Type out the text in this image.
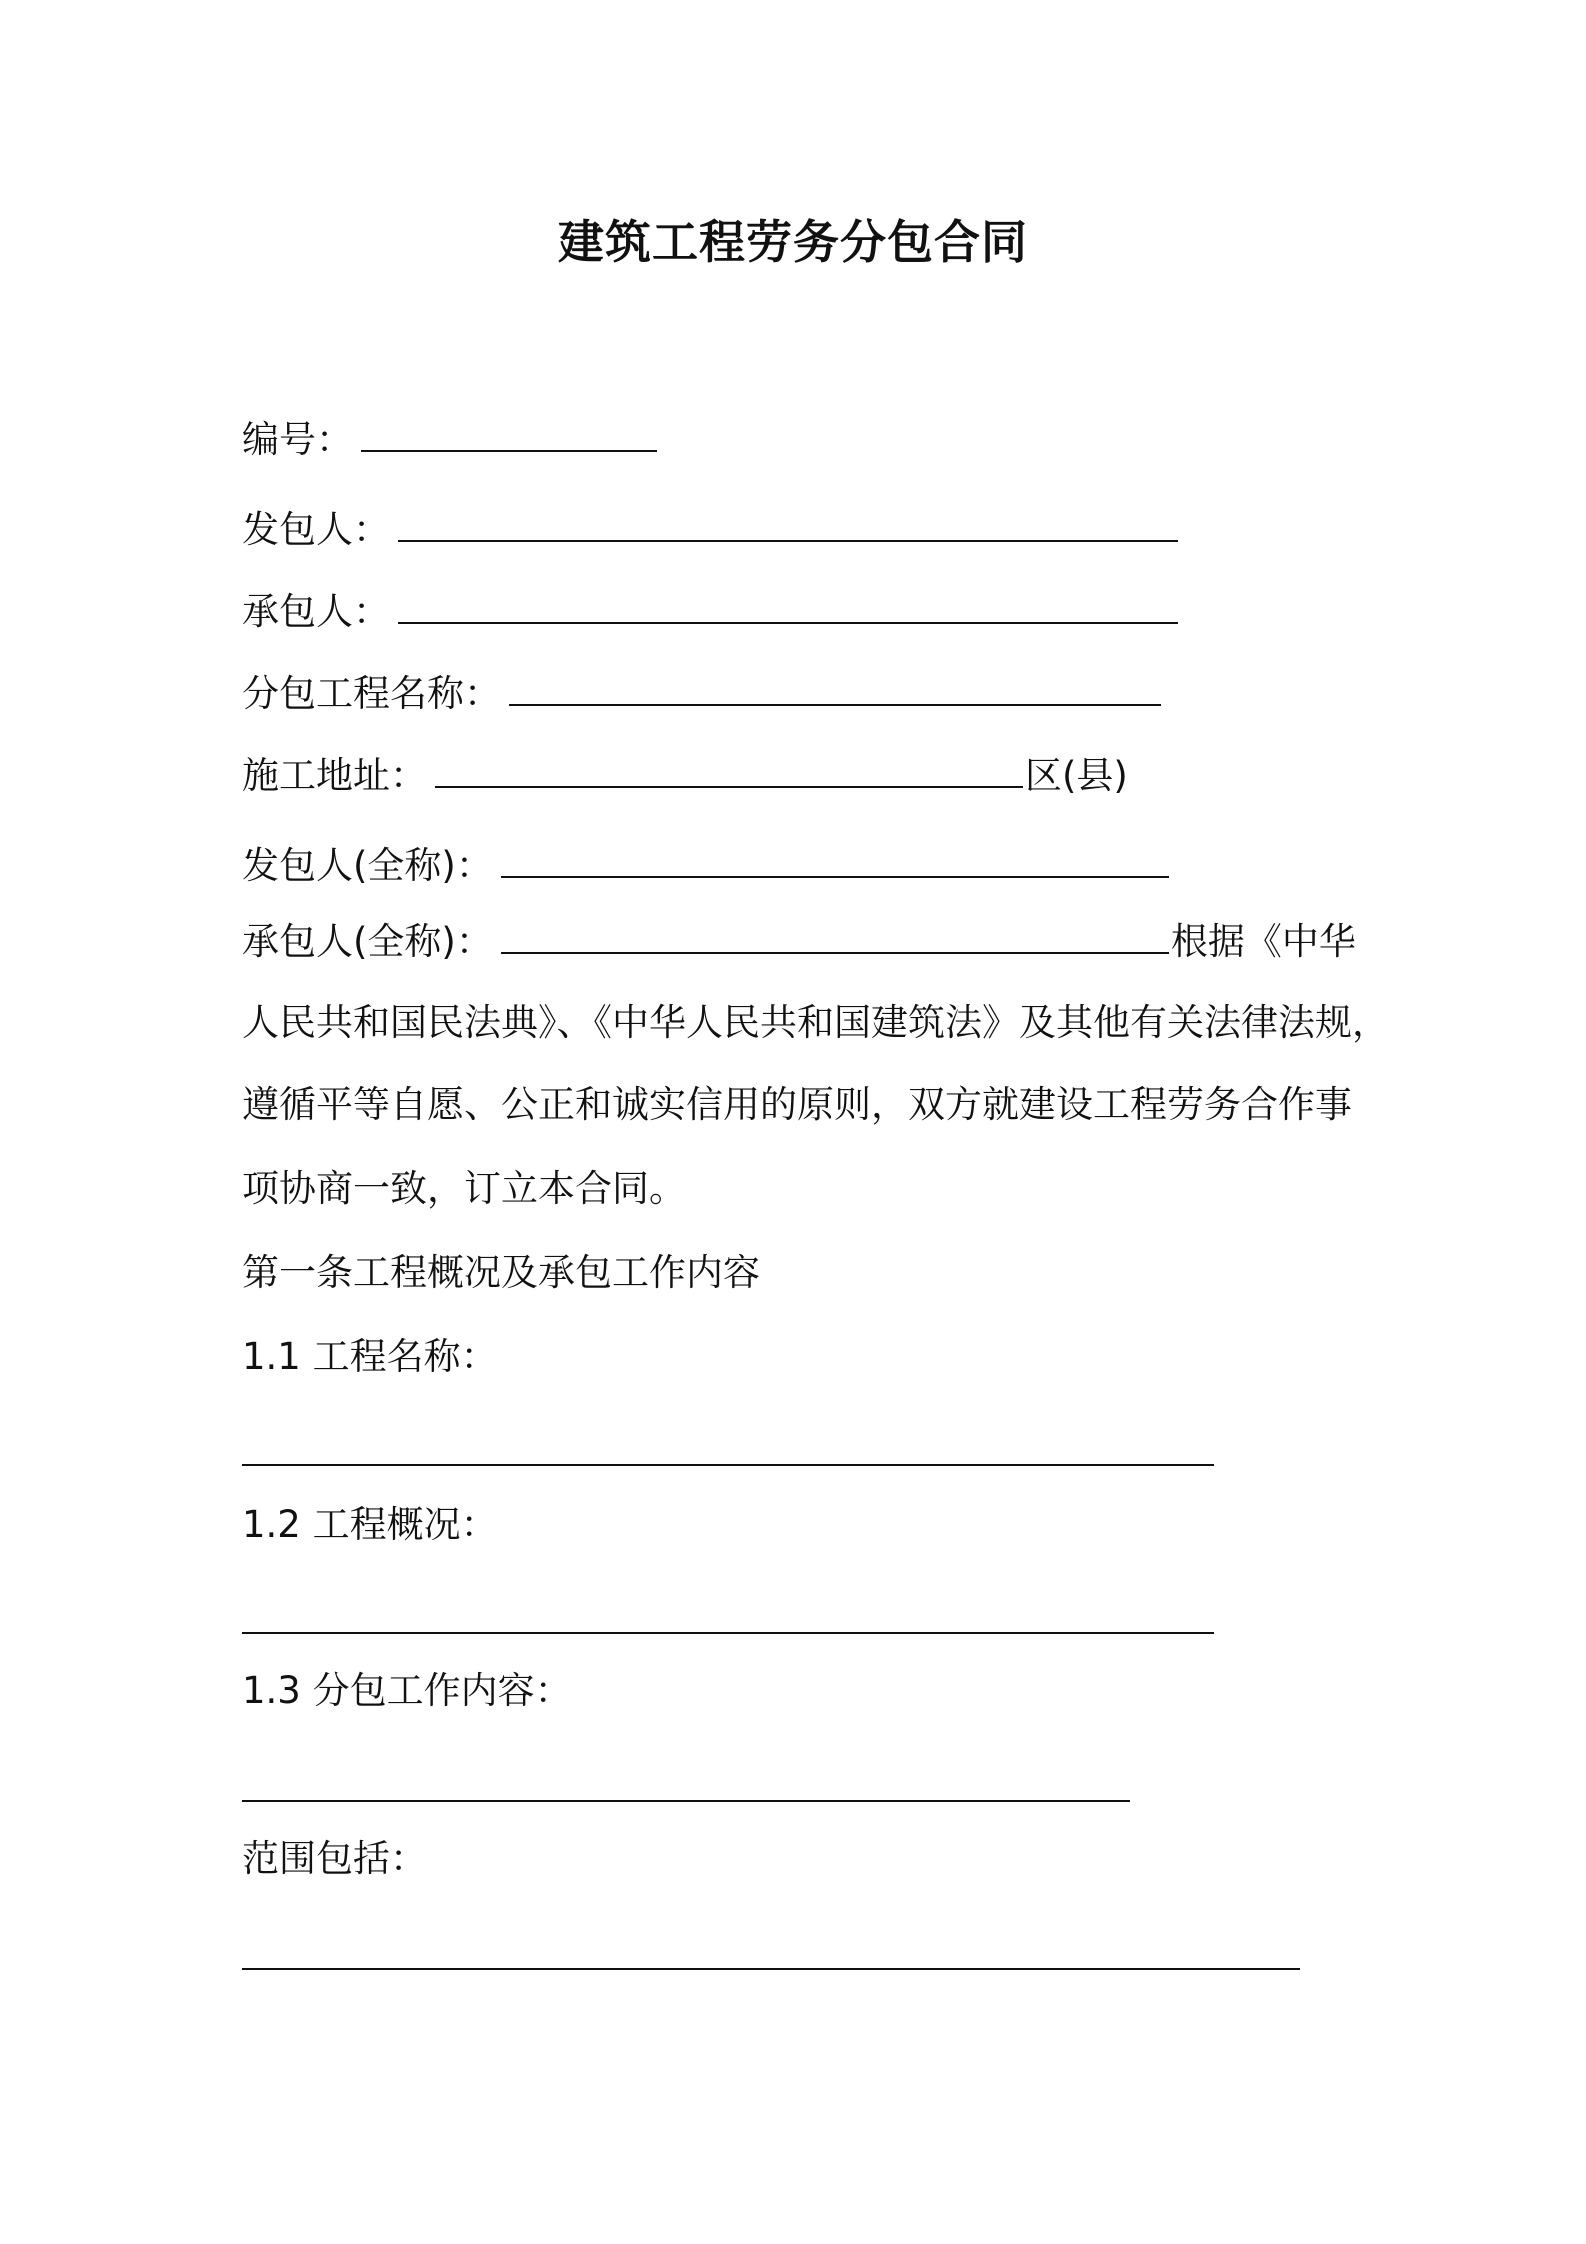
建筑工程劳务分包合同

编号：

发包人：

承包人：

分包工程名称：

施工地址：	区(县)

发包人(全称)：

承包人(全称)：	根据《中华

人民共和国民法典》、《中华人民共和国建筑法》及其他有关法律法规，

遵循平等自愿、公正和诚实信用的原则，双方就建设工程劳务合作事

项协商一致，订立本合同。

第一条工程概况及承包工作内容

1.1 工程名称：

1.2 工程概况：

1.3 分包工作内容：

范围包括：
